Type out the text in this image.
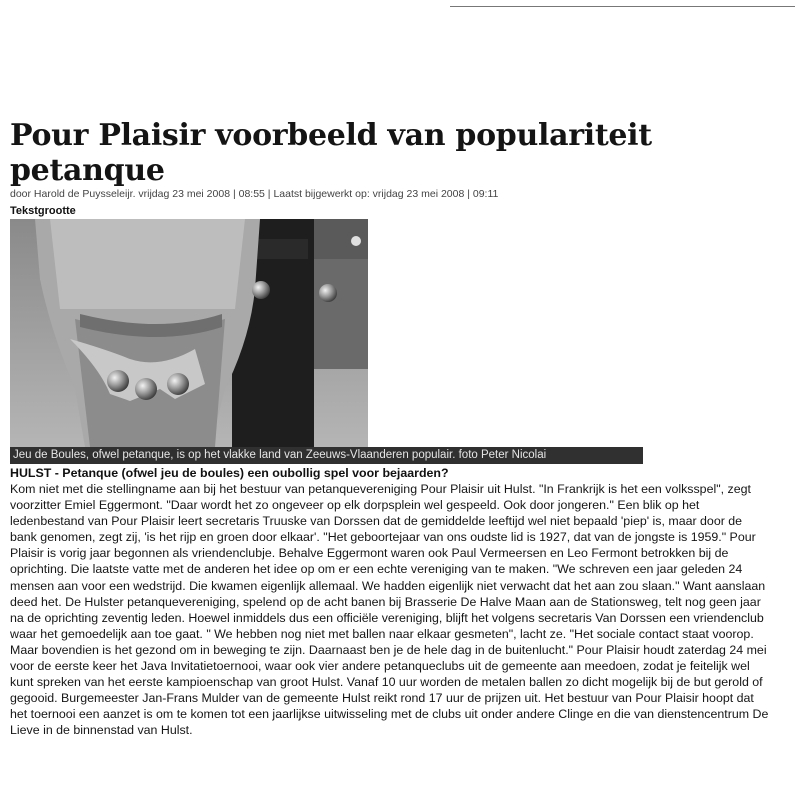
Pour Plaisir voorbeeld van populariteit petanque
door Harold de Puysseleijr. vrijdag 23 mei 2008 | 08:55 | Laatst bijgewerkt op: vrijdag 23 mei 2008 | 09:11
Tekstgrootte
Jeu de Boules, ofwel petanque, is op het vlakke land van Zeeuws-Vlaanderen populair. foto Peter Nicolai
HULST - Petanque (ofwel jeu de boules) een oubollig spel voor bejaarden?

Kom niet met die stellingname aan bij het bestuur van petanquevereniging Pour Plaisir uit Hulst. "In Frankrijk is het een volksspel", zegt voorzitter Emiel Eggermont. "Daar wordt het zo ongeveer op elk dorpsplein wel gespeeld. Ook door jongeren." Een blik op het ledenbestand van Pour Plaisir leert secretaris Truuske van Dorssen dat de gemiddelde leeftijd wel niet bepaald 'piep' is, maar door de bank genomen, zegt zij, 'is het rijp en groen door elkaar'. "Het geboortejaar van ons oudste lid is 1927, dat van de jongste is 1959." Pour Plaisir is vorig jaar begonnen als vriendenclubje. Behalve Eggermont waren ook Paul Vermeersen en Leo Fermont betrokken bij de oprichting. Die laatste vatte met de anderen het idee op om er een echte vereniging van te maken. "We schreven een jaar geleden 24 mensen aan voor een wedstrijd. Die kwamen eigenlijk allemaal. We hadden eigenlijk niet verwacht dat het aan zou slaan." Want aanslaan deed het. De Hulster petanquevereniging, spelend op de acht banen bij Brasserie De Halve Maan aan de Stationsweg, telt nog geen jaar na de oprichting zeventig leden. Hoewel inmiddels dus een officiële vereniging, blijft het volgens secretaris Van Dorssen een vriendenclub waar het gemoedelijk aan toe gaat. " We hebben nog niet met ballen naar elkaar gesmeten", lacht ze. "Het sociale contact staat voorop. Maar bovendien is het gezond om in beweging te zijn. Daarnaast ben je de hele dag in de buitenlucht." Pour Plaisir houdt zaterdag 24 mei voor de eerste keer het Java Invitatietoernooi, waar ook vier andere petanqueclubs uit de gemeente aan meedoen, zodat je feitelijk wel kunt spreken van het eerste kampioenschap van groot Hulst. Vanaf 10 uur worden de metalen ballen zo dicht mogelijk bij de but gerold of gegooid. Burgemeester Jan-Frans Mulder van de gemeente Hulst reikt rond 17 uur de prijzen uit. Het bestuur van Pour Plaisir hoopt dat het toernooi een aanzet is om te komen tot een jaarlijkse uitwisseling met de clubs uit onder andere Clinge en die van dienstencentrum De Lieve in de binnenstad van Hulst.
